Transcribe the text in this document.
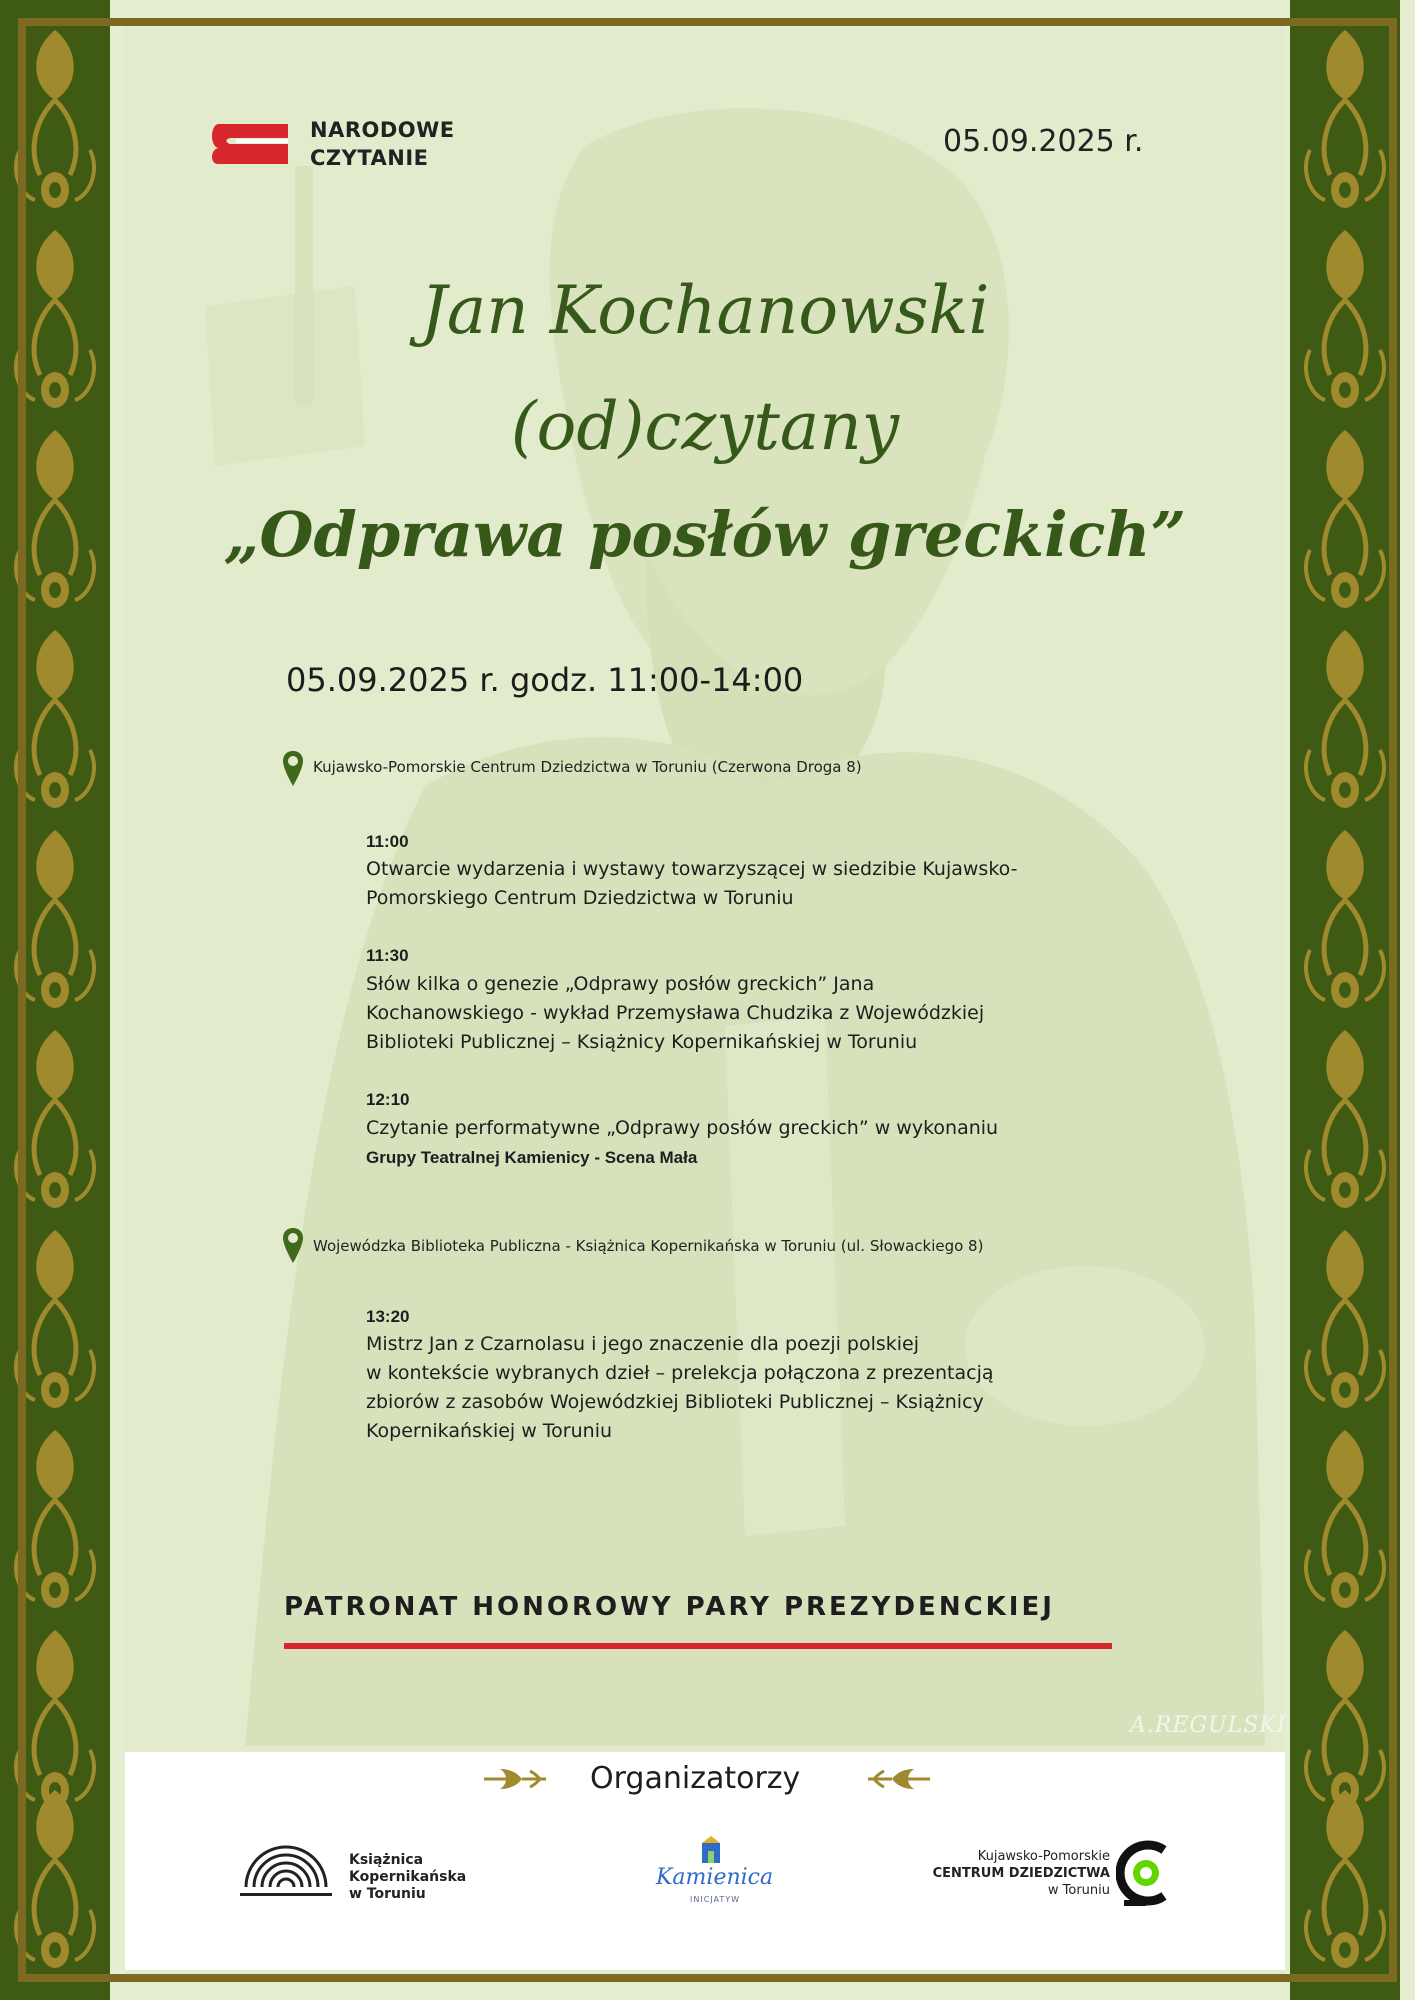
NARODOWE
CZYTANIE	05.09.2025 r.
Jan Kochanowski
(od)czytany
„Odprawa posłów greckich”
05.09.2025 r. godz. 11:00-14:00
Kujawsko-Pomorskie Centrum Dziedzictwa w Toruniu (Czerwona Droga 8)
11:00
Otwarcie wydarzenia i wystawy towarzyszącej w siedzibie Kujawsko-
Pomorskiego Centrum Dziedzictwa w Toruniu
11:30
Słów kilka o genezie „Odprawy posłów greckich” Jana
Kochanowskiego - wykład Przemysława Chudzika z Wojewódzkiej
Biblioteki Publicznej – Książnicy Kopernikańskiej w Toruniu
12:10
Czytanie performatywne „Odprawy posłów greckich” w wykonaniu
Grupy Teatralnej Kamienicy - Scena Mała
Wojewódzka Biblioteka Publiczna - Książnica Kopernikańska w Toruniu (ul. Słowackiego 8)
13:20
Mistrz Jan z Czarnolasu i jego znaczenie dla poezji polskiej
w kontekście wybranych dzieł – prelekcja połączona z prezentacją
zbiorów z zasobów Wojewódzkiej Biblioteki Publicznej – Książnicy
Kopernikańskiej w Toruniu
PATRONAT HONOROWY PARY PREZYDENCKIEJ
A.REGULSKI
Organizatorzy
Książnica
Kopernikańska
w Toruniu
Kamienica
INICJATYW
Kujawsko-Pomorskie
CENTRUM DZIEDZICTWA
w Toruniu
